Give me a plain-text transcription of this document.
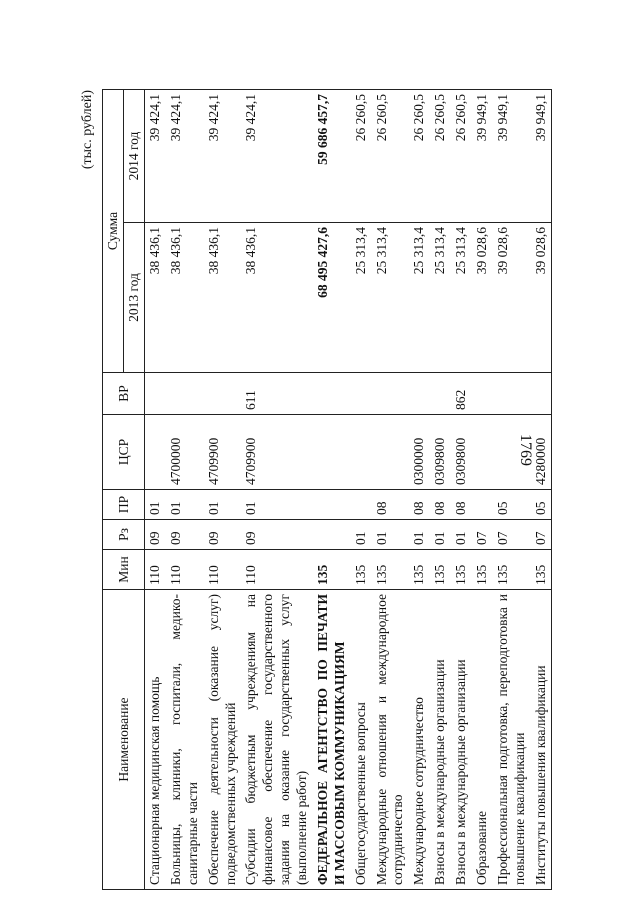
1769
(тыс. рублей)
Наименование	Мин	Рз	ПР	ЦСР	ВР	Сумма	
						2013 год	2014 год
Стационарная медицинская помощь	110	09	01			38 436,1	39 424,1
Больницы, клиники, госпитали, медико-санитарные части	110	09	01	4700000		38 436,1	39 424,1
Обеспечение деятельности (оказание услуг) подведомственных учреждений	110	09	01	4709900		38 436,1	39 424,1
Субсидии бюджетным учреждениям на финансовое обеспечение государственного задания на оказание государственных услуг (выполнение работ)	110	09	01	4709900	611	38 436,1	39 424,1
ФЕДЕРАЛЬНОЕ АГЕНТСТВО ПО ПЕЧАТИ И МАССОВЫМ КОММУНИКАЦИЯМ	135					68 495 427,6	59 686 457,7
Общегосударственные вопросы	135	01				25 313,4	26 260,5
Международные отношения и международное сотрудничество	135	01	08			25 313,4	26 260,5
Международное сотрудничество	135	01	08	0300000		25 313,4	26 260,5
Взносы в международные организации	135	01	08	0309800		25 313,4	26 260,5
Взносы в международные организации	135	01	08	0309800	862	25 313,4	26 260,5
Образование	135	07				39 028,6	39 949,1
Профессиональная подготовка, переподготовка и повышение квалификации	135	07	05			39 028,6	39 949,1
Институты повышения квалификации	135	07	05	4280000		39 028,6	39 949,1
